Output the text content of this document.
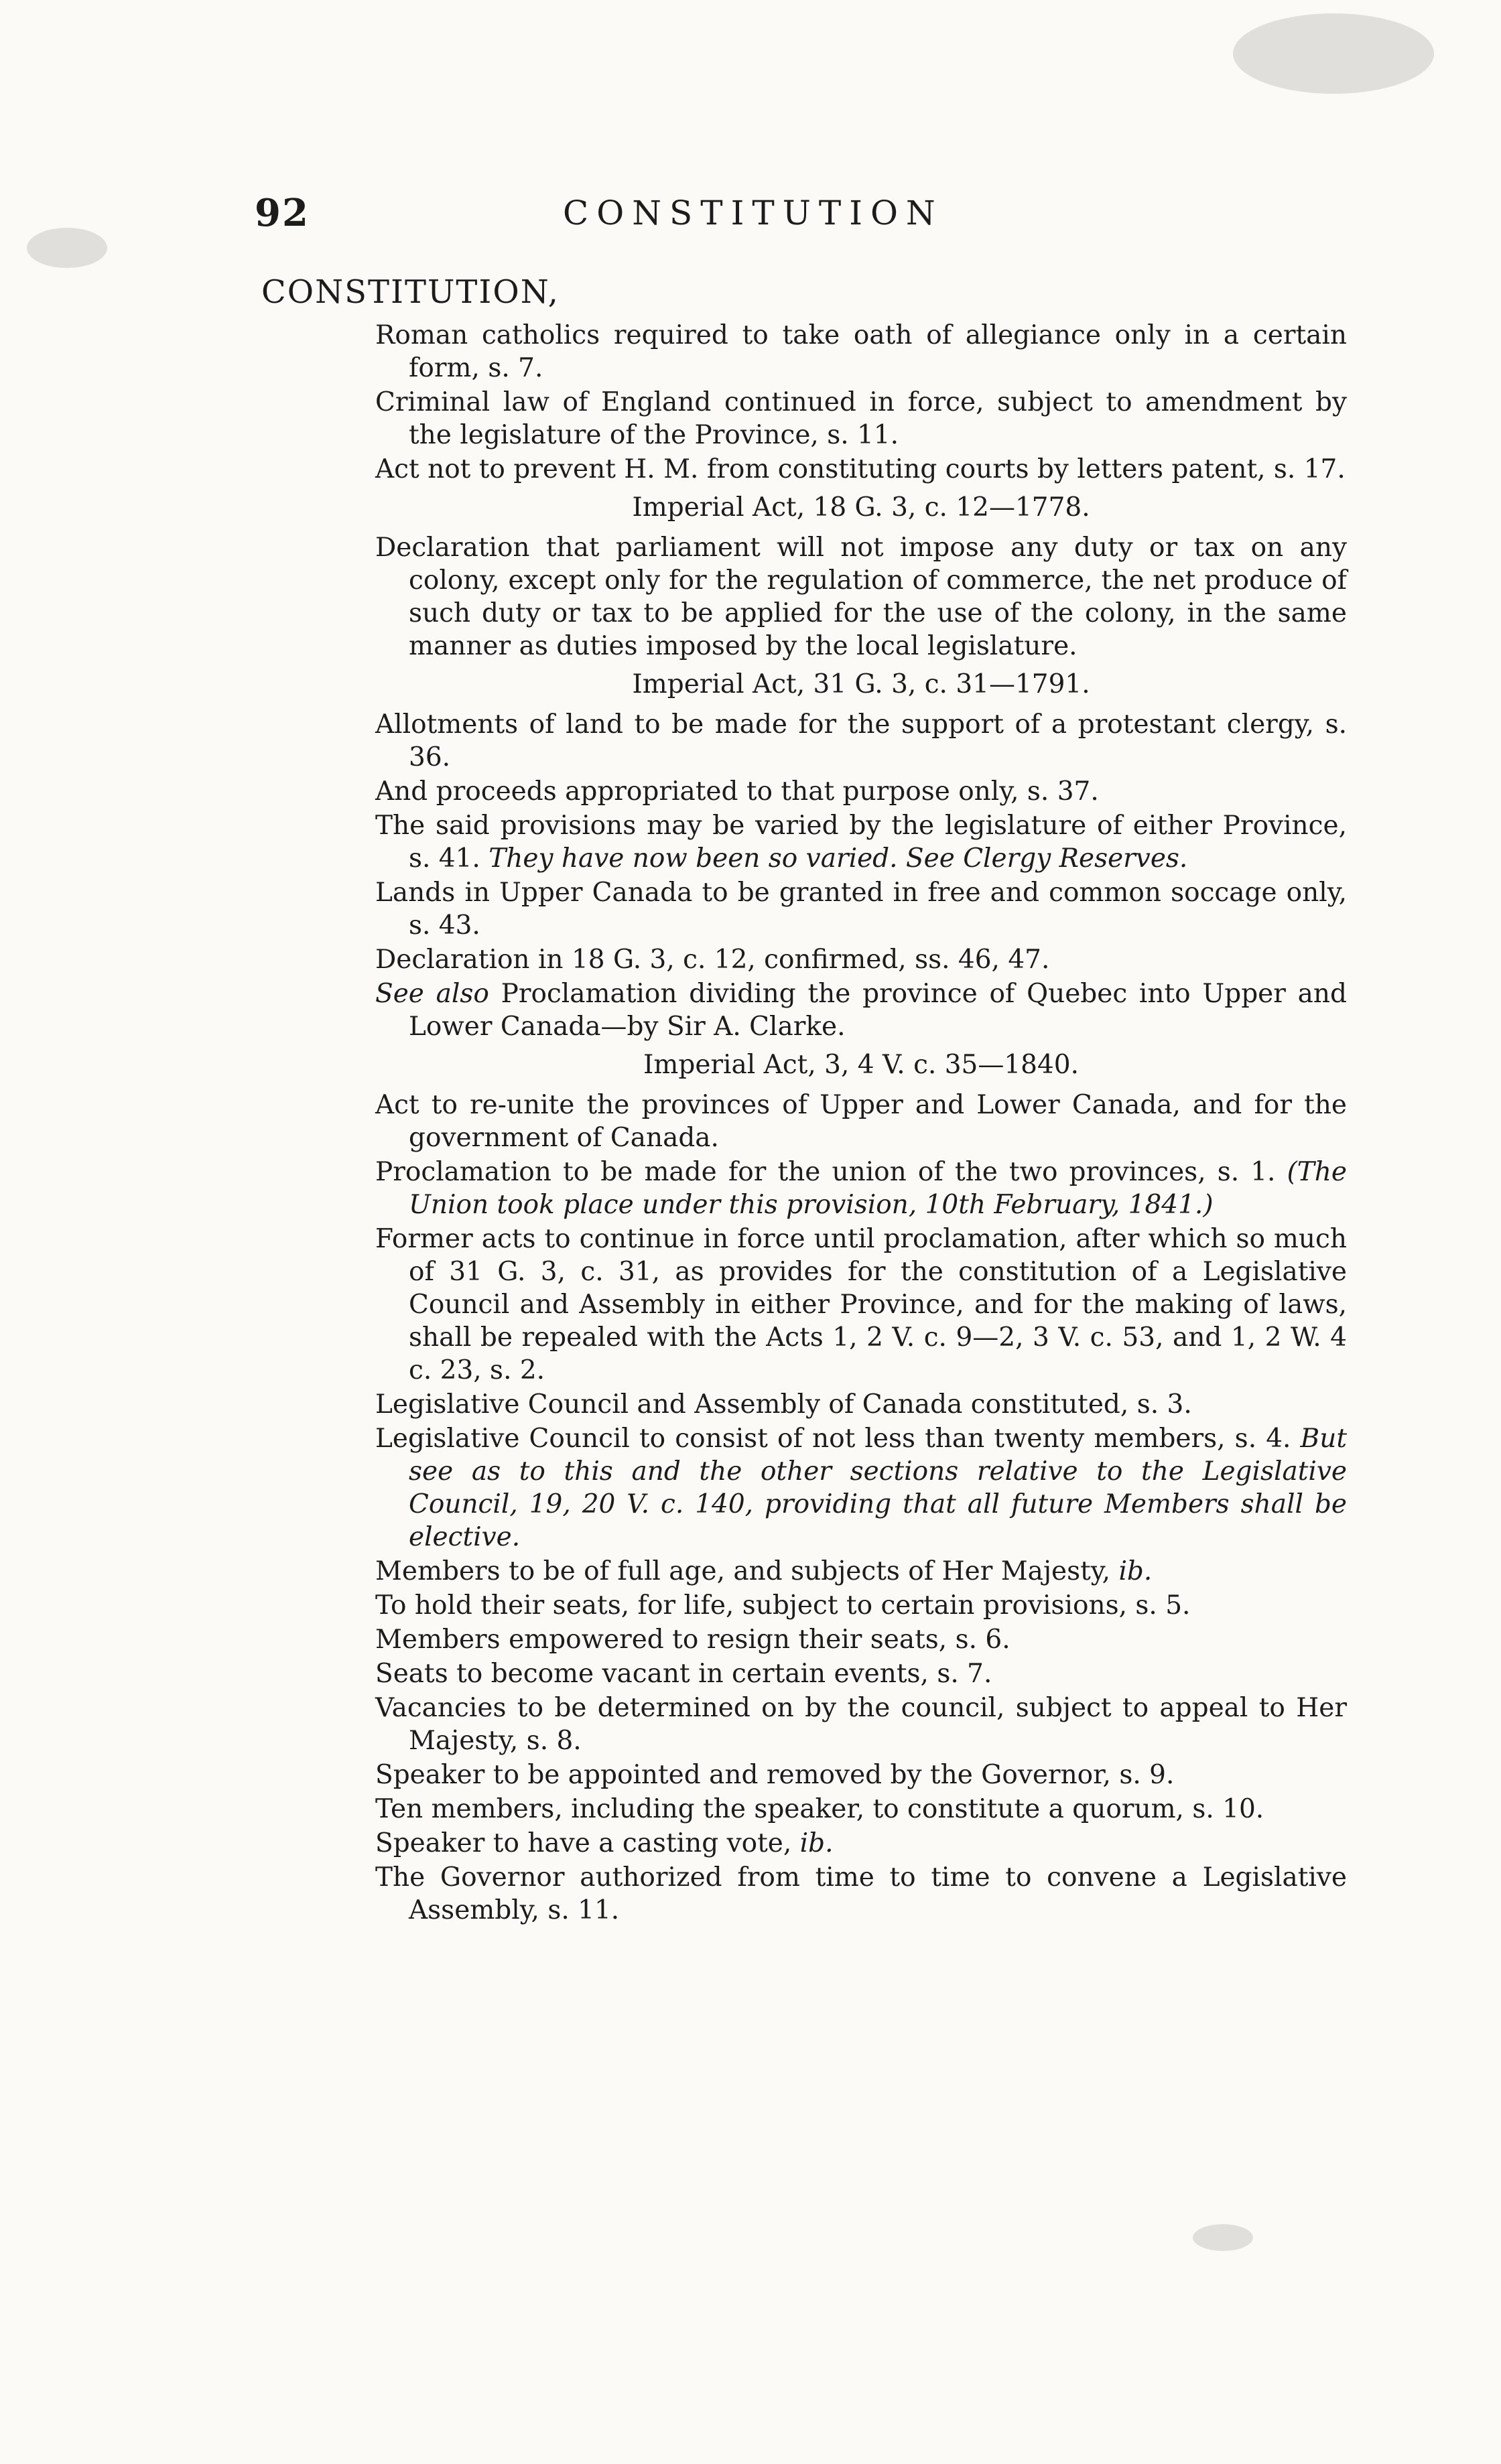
92	CONSTITUTION
CONSTITUTION,

Roman catholics required to take oath of allegiance only in a certain form, s. 7.

Criminal law of England continued in force, subject to amendment by the legislature of the Province, s. 11.

Act not to prevent H. M. from constituting courts by letters patent, s. 17.

Imperial Act, 18 G. 3, c. 12—1778.

Declaration that parliament will not impose any duty or tax on any colony, except only for the regulation of commerce, the net produce of such duty or tax to be applied for the use of the colony, in the same manner as duties imposed by the local legislature.

Imperial Act, 31 G. 3, c. 31—1791.

Allotments of land to be made for the support of a protestant clergy, s. 36.

And proceeds appropriated to that purpose only, s. 37.

The said provisions may be varied by the legislature of either Province, s. 41. They have now been so varied. See Clergy Reserves.

Lands in Upper Canada to be granted in free and common soccage only, s. 43.

Declaration in 18 G. 3, c. 12, confirmed, ss. 46, 47.

See also Proclamation dividing the province of Quebec into Upper and Lower Canada—by Sir A. Clarke.

Imperial Act, 3, 4 V. c. 35—1840.

Act to re-unite the provinces of Upper and Lower Canada, and for the government of Canada.

Proclamation to be made for the union of the two provinces, s. 1. (The Union took place under this provision, 10th February, 1841.)

Former acts to continue in force until proclamation, after which so much of 31 G. 3, c. 31, as provides for the constitution of a Legislative Council and Assembly in either Province, and for the making of laws, shall be repealed with the Acts 1, 2 V. c. 9—2, 3 V. c. 53, and 1, 2 W. 4 c. 23, s. 2.

Legislative Council and Assembly of Canada constituted, s. 3.

Legislative Council to consist of not less than twenty members, s. 4. But see as to this and the other sections relative to the Legislative Council, 19, 20 V. c. 140, providing that all future Members shall be elective.

Members to be of full age, and subjects of Her Majesty, ib.

To hold their seats, for life, subject to certain provisions, s. 5.

Members empowered to resign their seats, s. 6.

Seats to become vacant in certain events, s. 7.

Vacancies to be determined on by the council, subject to appeal to Her Majesty, s. 8.

Speaker to be appointed and removed by the Governor, s. 9.

Ten members, including the speaker, to constitute a quorum, s. 10.

Speaker to have a casting vote, ib.

The Governor authorized from time to time to convene a Legislative Assembly, s. 11.
